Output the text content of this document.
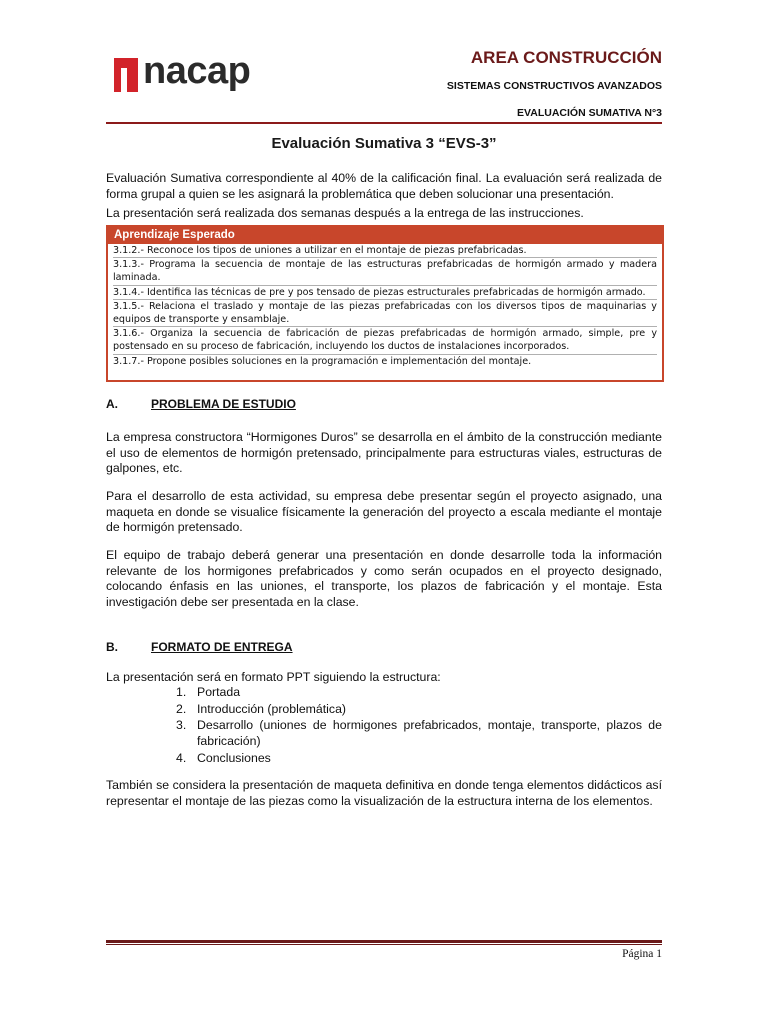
nacap	AREA CONSTRUCCIÓN
SISTEMAS CONSTRUCTIVOS AVANZADOS
EVALUACIÓN SUMATIVA N°3
Evaluación Sumativa 3 “EVS-3”
Evaluación Sumativa correspondiente al 40% de la calificación final. La evaluación será realizada de forma grupal a quien se les asignará la problemática que deben solucionar una presentación.
La presentación será realizada dos semanas después a la entrega de las instrucciones.
Aprendizaje Esperado
3.1.2.- Reconoce los tipos de uniones a utilizar en el montaje de piezas prefabricadas.
3.1.3.- Programa la secuencia de montaje de las estructuras prefabricadas de hormigón armado y madera laminada.
3.1.4.- Identifica las técnicas de pre y pos tensado de piezas estructurales prefabricadas de hormigón armado.
3.1.5.- Relaciona el traslado y montaje de las piezas prefabricadas con los diversos tipos de maquinarias y equipos de transporte y ensamblaje.
3.1.6.- Organiza la secuencia de fabricación de piezas prefabricadas de hormigón armado, simple, pre y postensado en su proceso de fabricación, incluyendo los ductos de instalaciones incorporados.
3.1.7.- Propone posibles soluciones en la programación e implementación del montaje.
A.	PROBLEMA DE ESTUDIO
La empresa constructora “Hormigones Duros” se desarrolla en el ámbito de la construcción mediante el uso de elementos de hormigón pretensado, principalmente para estructuras viales, estructuras de galpones, etc.
Para el desarrollo de esta actividad, su empresa debe presentar según el proyecto asignado, una maqueta en donde se visualice físicamente la generación del proyecto a escala mediante el montaje de hormigón pretensado.
El equipo de trabajo deberá generar una presentación en donde desarrolle toda la información relevante de los hormigones prefabricados y como serán ocupados en el proyecto designado, colocando énfasis en las uniones, el transporte, los plazos de fabricación y el montaje. Esta investigación debe ser presentada en la clase.
B.	FORMATO DE ENTREGA
La presentación será en formato PPT siguiendo la estructura:
1. Portada
2. Introducción (problemática)
3. Desarrollo (uniones de hormigones prefabricados, montaje, transporte, plazos de fabricación)
4. Conclusiones
También se considera la presentación de maqueta definitiva en donde tenga elementos didácticos así representar el montaje de las piezas como la visualización de la estructura interna de los elementos.
Página 1
